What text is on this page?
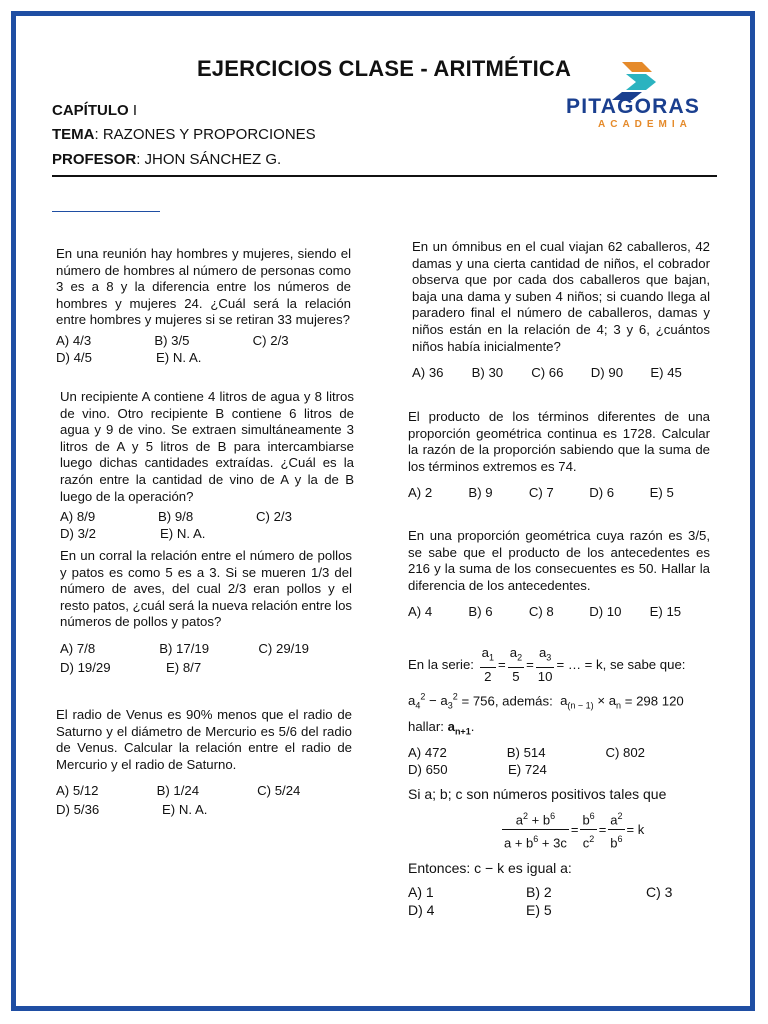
EJERCICIOS CLASE - ARITMÉTICA
CAPÍTULO I
TEMA: RAZONES Y PROPORCIONES
PROFESOR: JHON SÁNCHEZ G.
PITAGORAS
ACADEMIA

En una reunión hay hombres y mujeres, siendo el número de hombres al número de personas como 3 es a 8 y la diferencia entre los números de hombres y mujeres 24. ¿Cuál será la relación entre hombres y mujeres si se retiran 33 mujeres?

A) 4/3	B) 3/5	C) 2/3
D) 4/5	E) N. A.

Un recipiente A contiene 4 litros de agua y 8 litros de vino. Otro recipiente B contiene 6 litros de agua y 9 de vino. Se extraen simultáneamente 3 litros de A y 5 litros de B para intercambiarse luego dichas cantidades extraídas. ¿Cuál es la razón entre la cantidad de vino de A y la de B luego de la operación?

A) 8/9	B) 9/8	C) 2/3
D) 3/2	E) N. A.

En un corral la relación entre el número de pollos y patos es como 5 es a 3. Si se mueren 1/3 del número de aves, del cual 2/3 eran pollos y el resto patos, ¿cuál será la nueva relación entre los números de pollos y patos?

A) 7/8	B) 17/19	C) 29/19
D) 19/29	E) 8/7

El radio de Venus es 90% menos que el radio de Saturno y el diámetro de Mercurio es 5/6 del radio de Venus. Calcular la relación entre el radio de Mercurio y el radio de Saturno.

A) 5/12	B) 1/24	C) 5/24
D) 5/36	E) N. A.

En un ómnibus en el cual viajan 62 caballeros, 42 damas y una cierta cantidad de niños, el cobrador observa que por cada dos caballeros que bajan, baja una dama y suben 4 niños; si cuando llega al paradero final el número de caballeros, damas y niños están en la relación de 4; 3 y 6, ¿cuántos niños había inicialmente?

A) 36	B) 30	C) 66	D) 90	E) 45

El producto de los términos diferentes de una proporción geométrica continua es 1728. Calcular la razón de la proporción sabiendo que la suma de los términos extremos es 74.

A) 2	B) 9	C) 7	D) 6	E) 5

En una proporción geométrica cuya razón es 3/5, se sabe que el producto de los antecedentes es 216 y la suma de los consecuentes es 50. Hallar la diferencia de los antecedentes.

A) 4	B) 6	C) 8	D) 10	E) 15
En la serie:
$\frac{a_1}{2} = \frac{a_2}{5} = \frac{a_3}{10}$ = … = k, se sabe que:
$a_4^2 - a_3^2 = 756$, además:  $a_{(n - 1)} \times a_n = 298$ 120
hallar: $a_{n+1}$.
A) 472	B) 514	C) 802
D) 650	E) 724
Si a; b; c son números positivos tales que
$\frac{a^2 + b^6}{a + b^6 + 3c} = \frac{b^6}{c^2} = \frac{a^2}{b^6} = k$
Entonces: c − k es igual a:
A) 1	B) 2	C) 3
D) 4	E) 5
